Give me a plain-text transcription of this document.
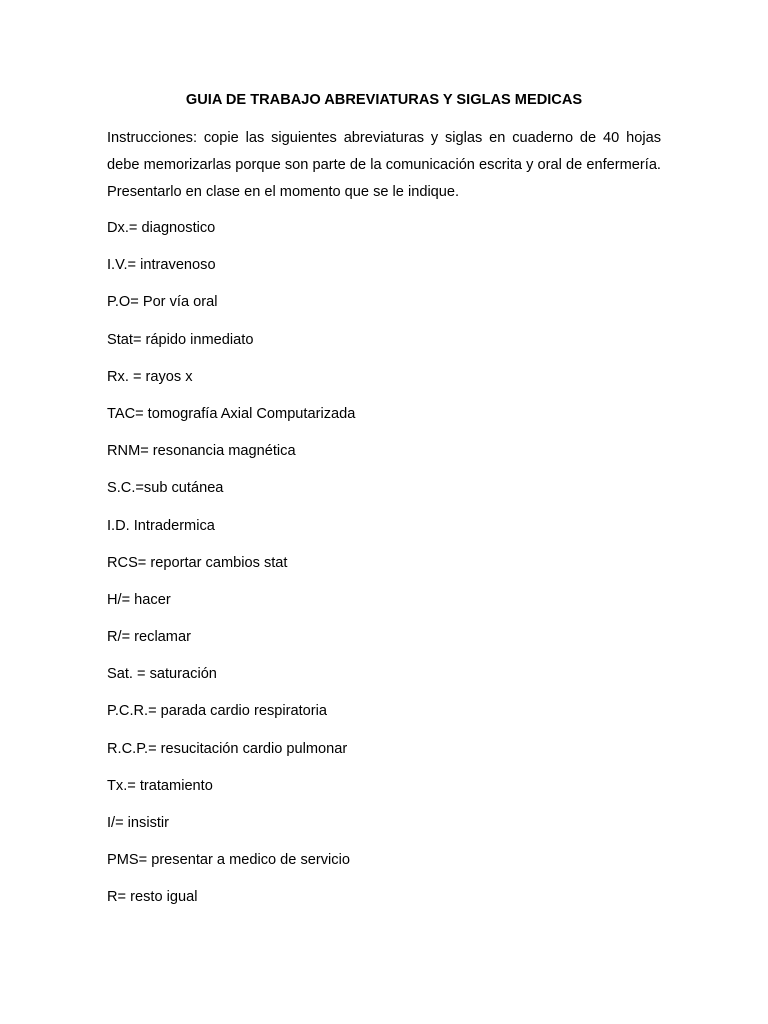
GUIA DE TRABAJO ABREVIATURAS Y SIGLAS MEDICAS

Instrucciones: copie las siguientes abreviaturas y siglas en cuaderno de 40 hojas debe memorizarlas porque son parte de la comunicación escrita y oral de enfermería. Presentarlo en clase en el momento que se le indique.

Dx.= diagnostico
I.V.= intravenoso
P.O= Por vía oral
Stat= rápido inmediato
Rx. = rayos x
TAC= tomografía Axial Computarizada
RNM= resonancia magnética
S.C.=sub cutánea
I.D. Intradermica
RCS= reportar cambios stat
H/= hacer
R/= reclamar
Sat. = saturación
P.C.R.= parada cardio respiratoria
R.C.P.= resucitación cardio pulmonar
Tx.= tratamiento
I/= insistir
PMS= presentar a medico de servicio
R= resto igual
